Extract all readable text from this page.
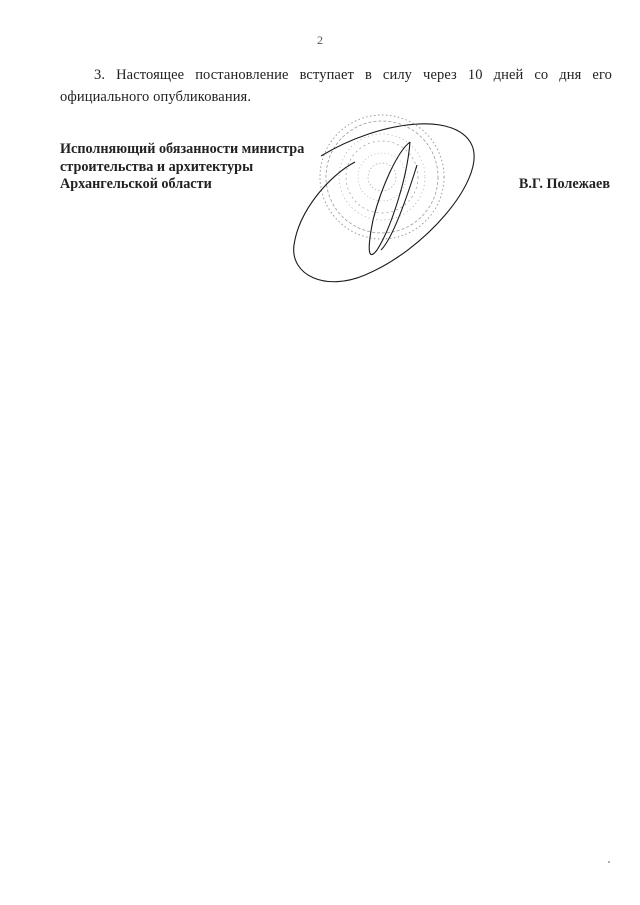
2
3. Настоящее постановление вступает в силу через 10 дней со дня его официального опубликования.
Исполняющий обязанности министра
строительства и архитектуры
Архангельской области	В.Г. Полежаев
